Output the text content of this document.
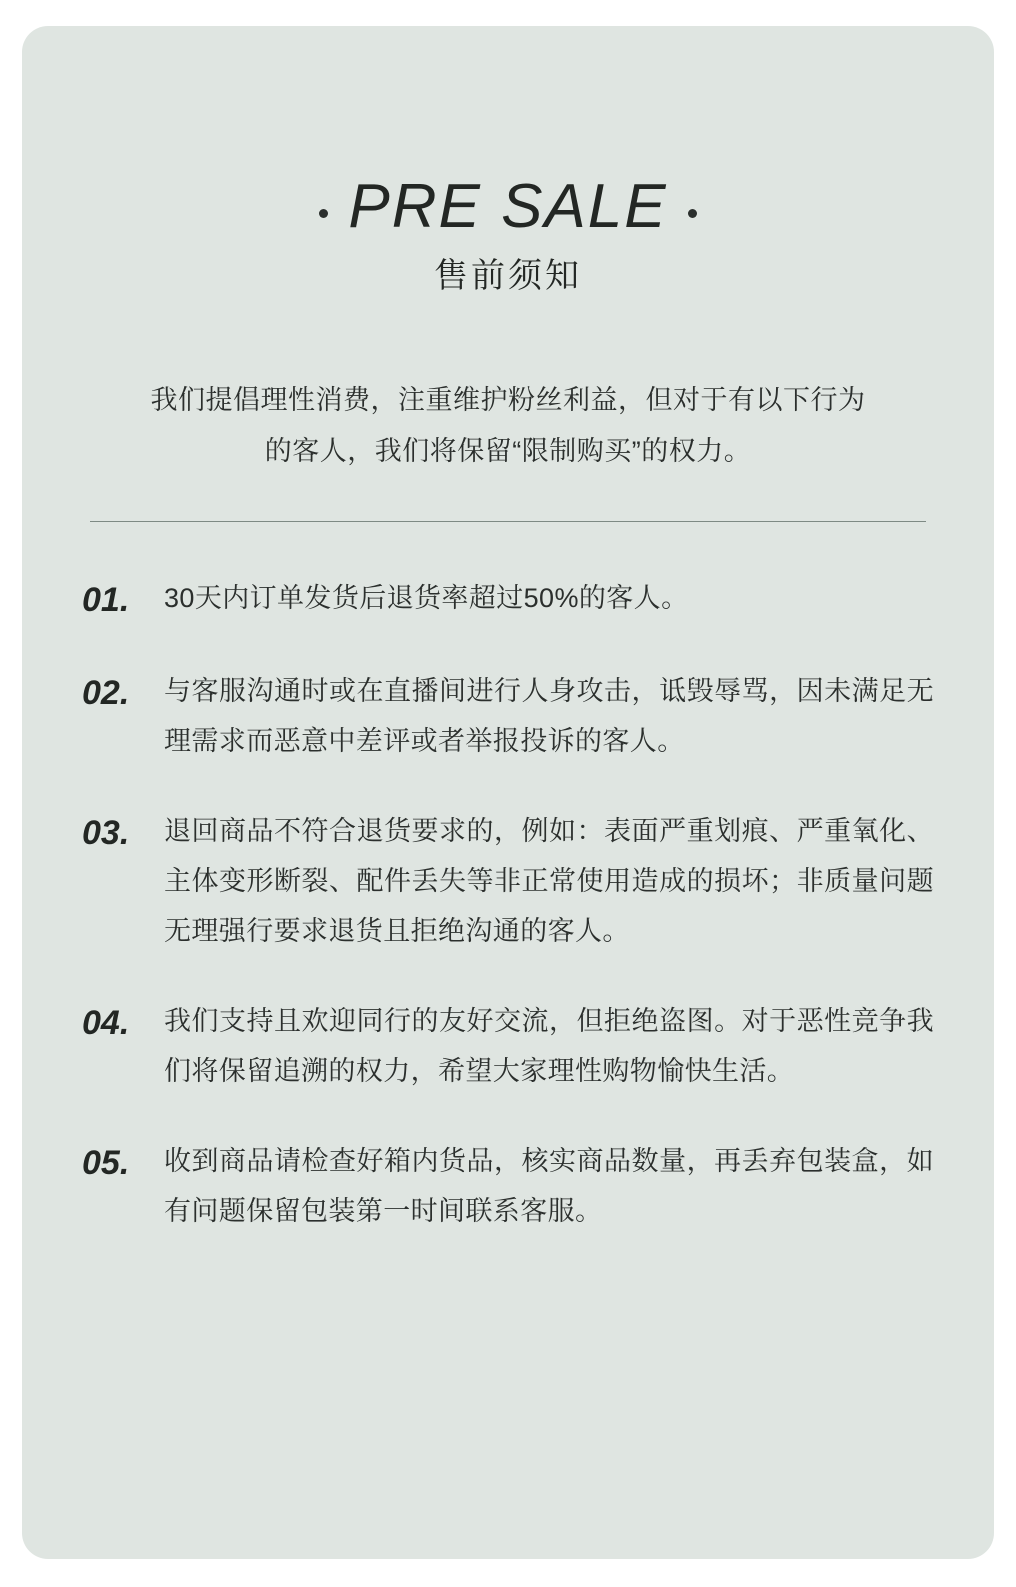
PRE SALE
售前须知

我们提倡理性消费，注重维护粉丝利益，但对于有以下行为

的客人，我们将保留“限制购买”的权力。

01.	30天内订单发货后退货率超过50%的客人。
02.	与客服沟通时或在直播间进行人身攻击，诋毁辱骂，因未满足无理需求而恶意中差评或者举报投诉的客人。
03.	退回商品不符合退货要求的，例如：表面严重划痕、严重氧化、主体变形断裂、配件丢失等非正常使用造成的损坏；非质量问题无理强行要求退货且拒绝沟通的客人。
04.	我们支持且欢迎同行的友好交流，但拒绝盗图。对于恶性竞争我们将保留追溯的权力，希望大家理性购物愉快生活。
05.	收到商品请检查好箱内货品，核实商品数量，再丢弃包装盒，如有问题保留包装第一时间联系客服。
